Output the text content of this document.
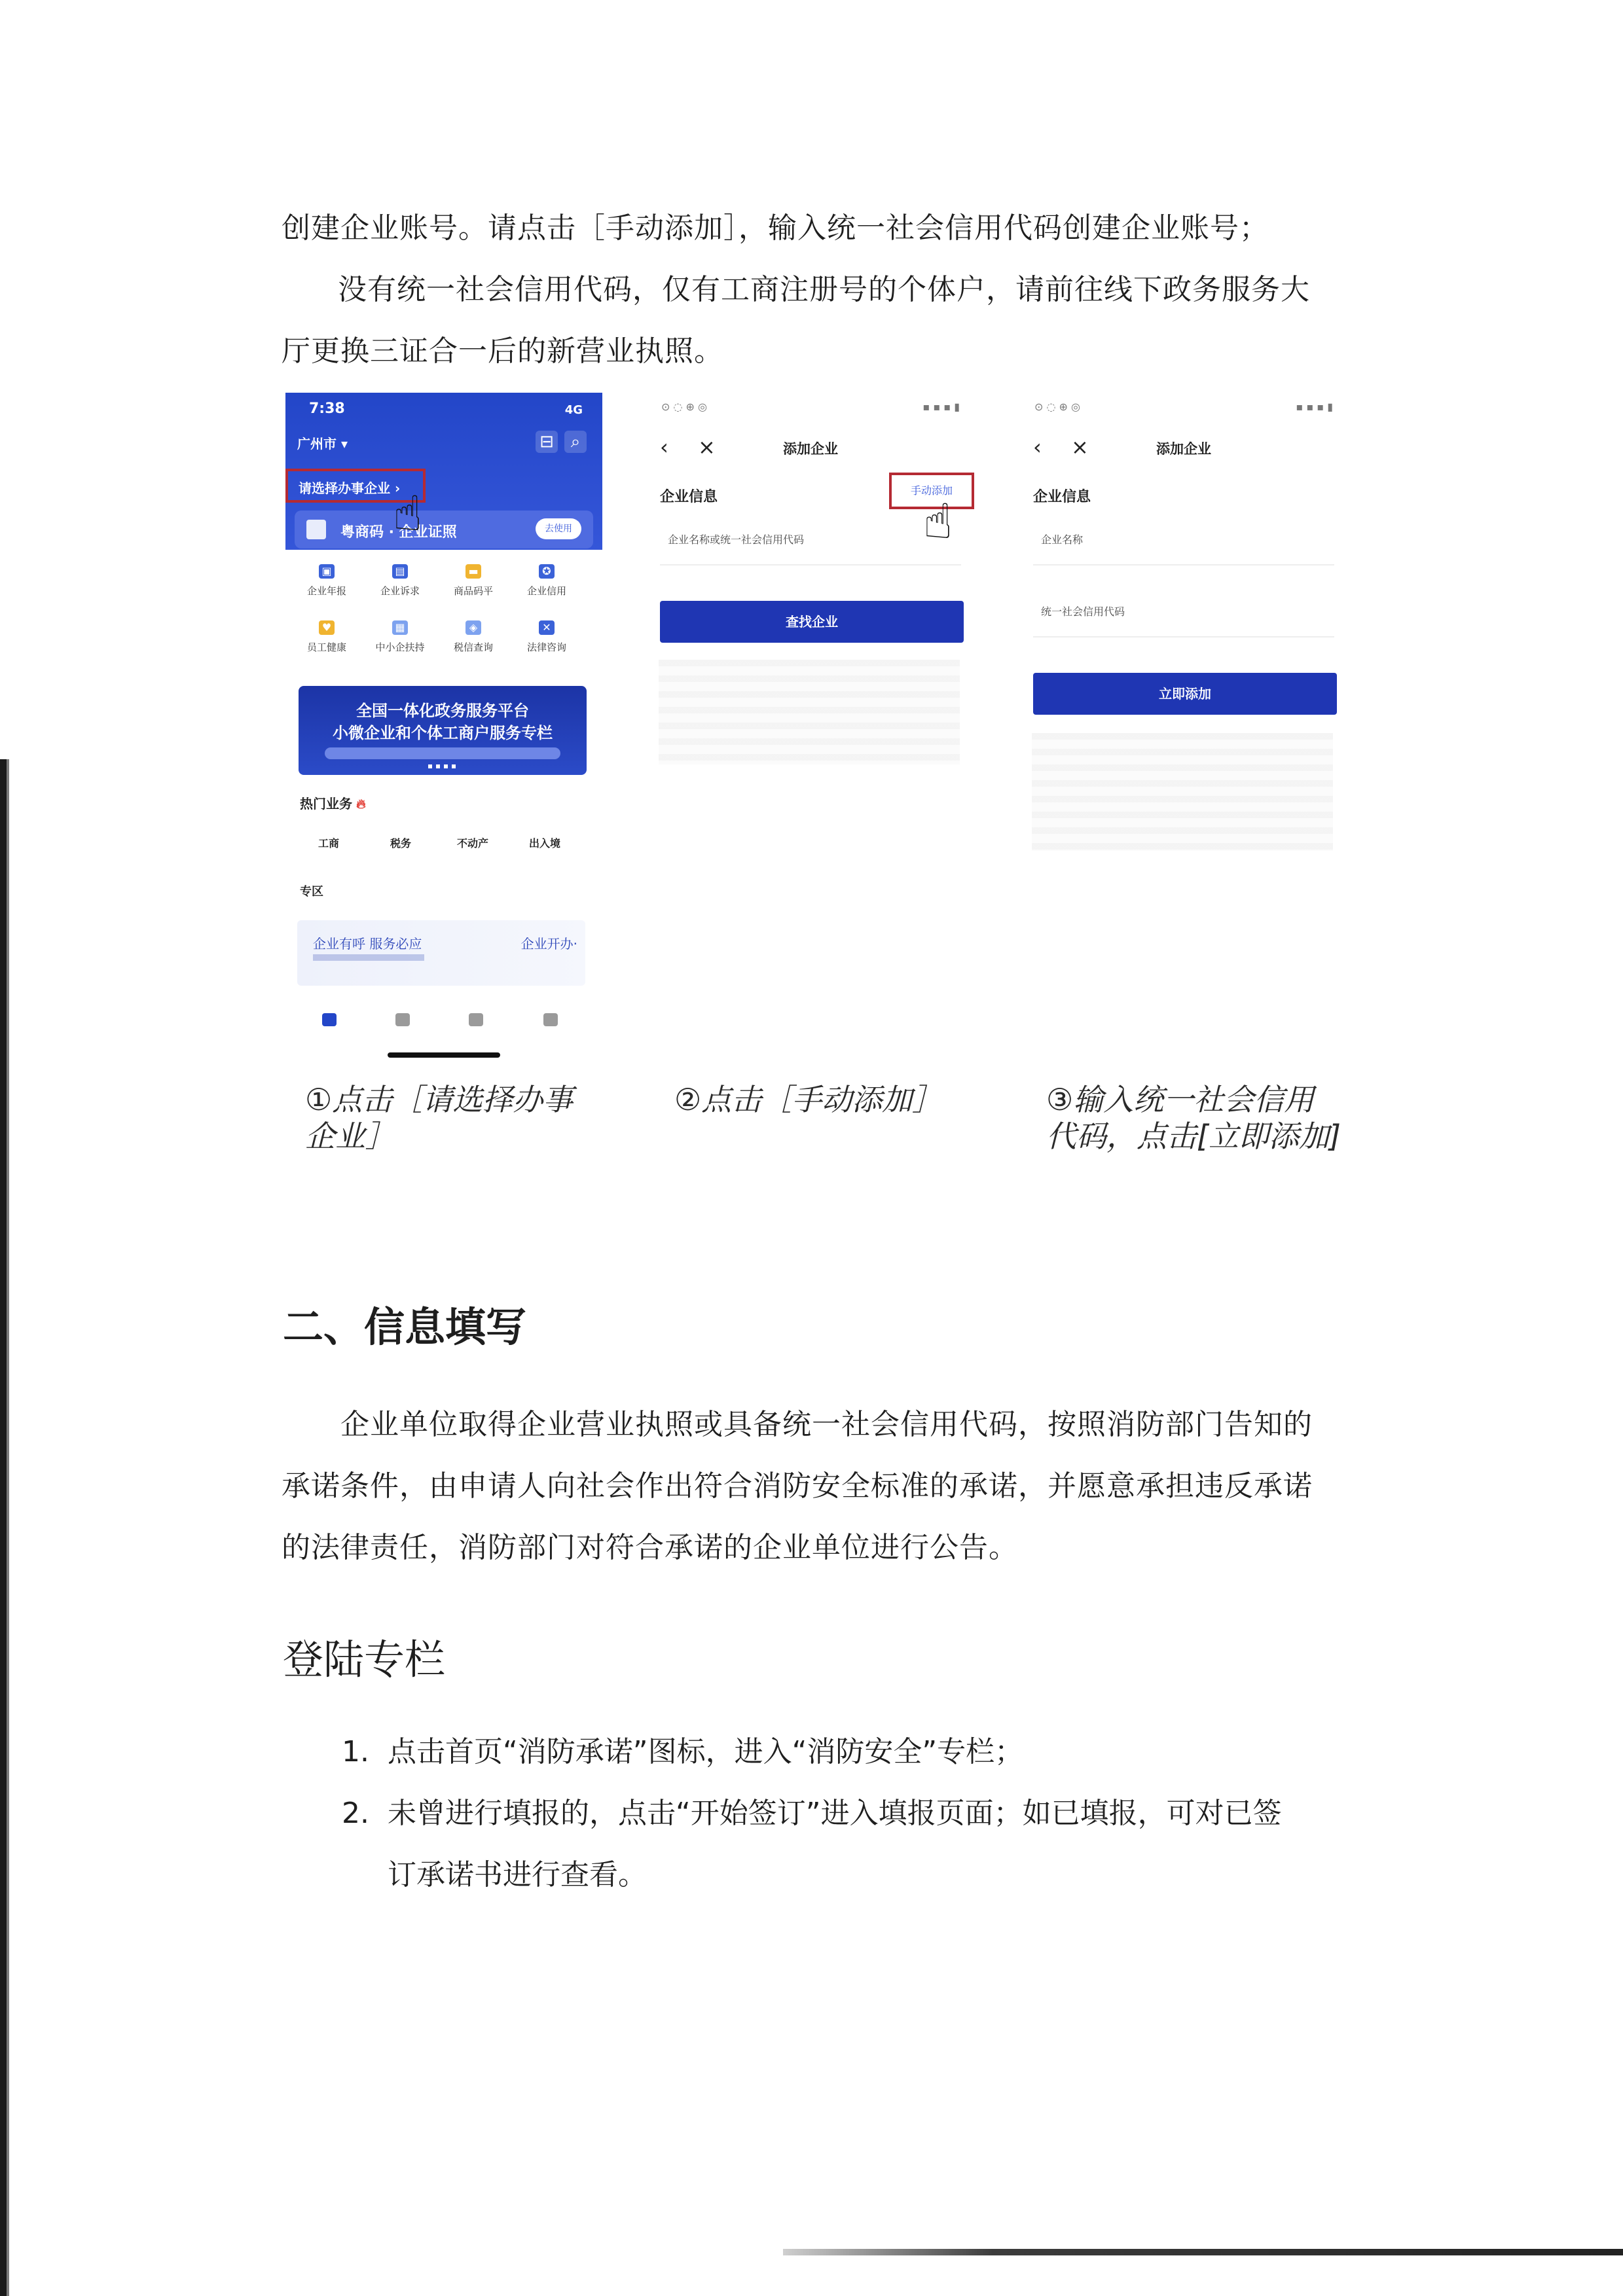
创建企业账号。请点击［手动添加］，输入统一社会信用代码创建企业账号；
没有统一社会信用代码，仅有工商注册号的个体户，请前往线下政务服务大
厅更换三证合一后的新营业执照。
7:38	4G
广州市 ▾	⊟ ⌕
请选择办事企业 ›
粤商码 · 企业证照	去使用
▣
企业年报
▤
企业诉求
▬
商品码平
✪
企业信用
♥
员工健康
▦
中小企扶持
◈
税信查询
✕
法律咨询
全国一体化政务服务平台
小微企业和个体工商户服务专栏
热门业务 🔥︎
工商	税务	不动产	出入境
专区
企业有呼 服务必应	企业开办·
☝
⊙ ◌ ⊕ ◎	▪ ▪ ▪ ▮
‹ ×	添加企业
企业信息	手动添加
企业名称或统一社会信用代码
查找企业
☝
⊙ ◌ ⊕ ◎	▪ ▪ ▪ ▮
‹ ×	添加企业
企业信息
企业名称
统一社会信用代码
立即添加
①点击［请选择办事
企业］
②点击［手动添加］	③输入统一社会信用
代码，点击[立即添加]
二、信息填写
企业单位取得企业营业执照或具备统一社会信用代码，按照消防部门告知的
承诺条件，由申请人向社会作出符合消防安全标准的承诺，并愿意承担违反承诺
的法律责任，消防部门对符合承诺的企业单位进行公告。
登陆专栏
1. 点击首页“消防承诺”图标，进入“消防安全”专栏；
2. 未曾进行填报的，点击“开始签订”进入填报页面；如已填报，可对已签
订承诺书进行查看。
